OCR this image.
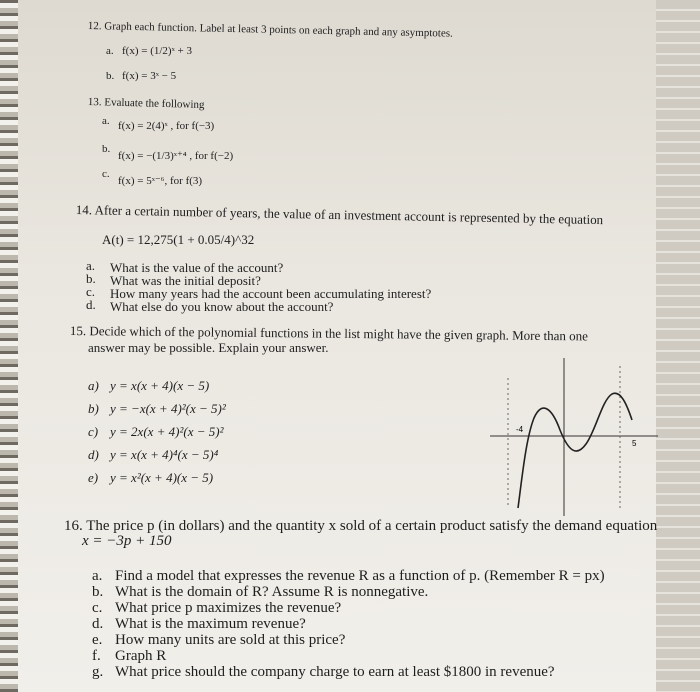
12. Graph each function. Label at least 3 points on each graph and any asymptotes.
a. f(x) = (1/2)ˣ + 3
b. f(x) = 3ˣ − 5
13. Evaluate the following
a. f(x) = 2(4)ˣ , for f(−3)
b.
f(x) = −(1/3)ˣ⁺⁴ , for f(−2)
c.
f(x) = 5ˣ⁻⁶, for f(3)
14. After a certain number of years, the value of an investment account is represented by the equation
A(t) = 12,275(1 + 0.05/4)^32
a. What is the value of the account?
b. What was the initial deposit?
c. How many years had the account been accumulating interest?
d. What else do you know about the account?
15. Decide which of the polynomial functions in the list might have the given graph. More than one
answer may be possible. Explain your answer.
a) y = x(x + 4)(x − 5)
b) y = −x(x + 4)²(x − 5)²
c) y = 2x(x + 4)²(x − 5)²
d) y = x(x + 4)⁴(x − 5)⁴
e) y = x²(x + 4)(x − 5)
-4
5
16. The price p (in dollars) and the quantity x sold of a certain product satisfy the demand equation
x = −3p + 150
a. Find a model that expresses the revenue R as a function of p. (Remember R = px)
b. What is the domain of R? Assume R is nonnegative.
c. What price p maximizes the revenue?
d. What is the maximum revenue?
e. How many units are sold at this price?
f. Graph R
g. What price should the company charge to earn at least $1800 in revenue?
